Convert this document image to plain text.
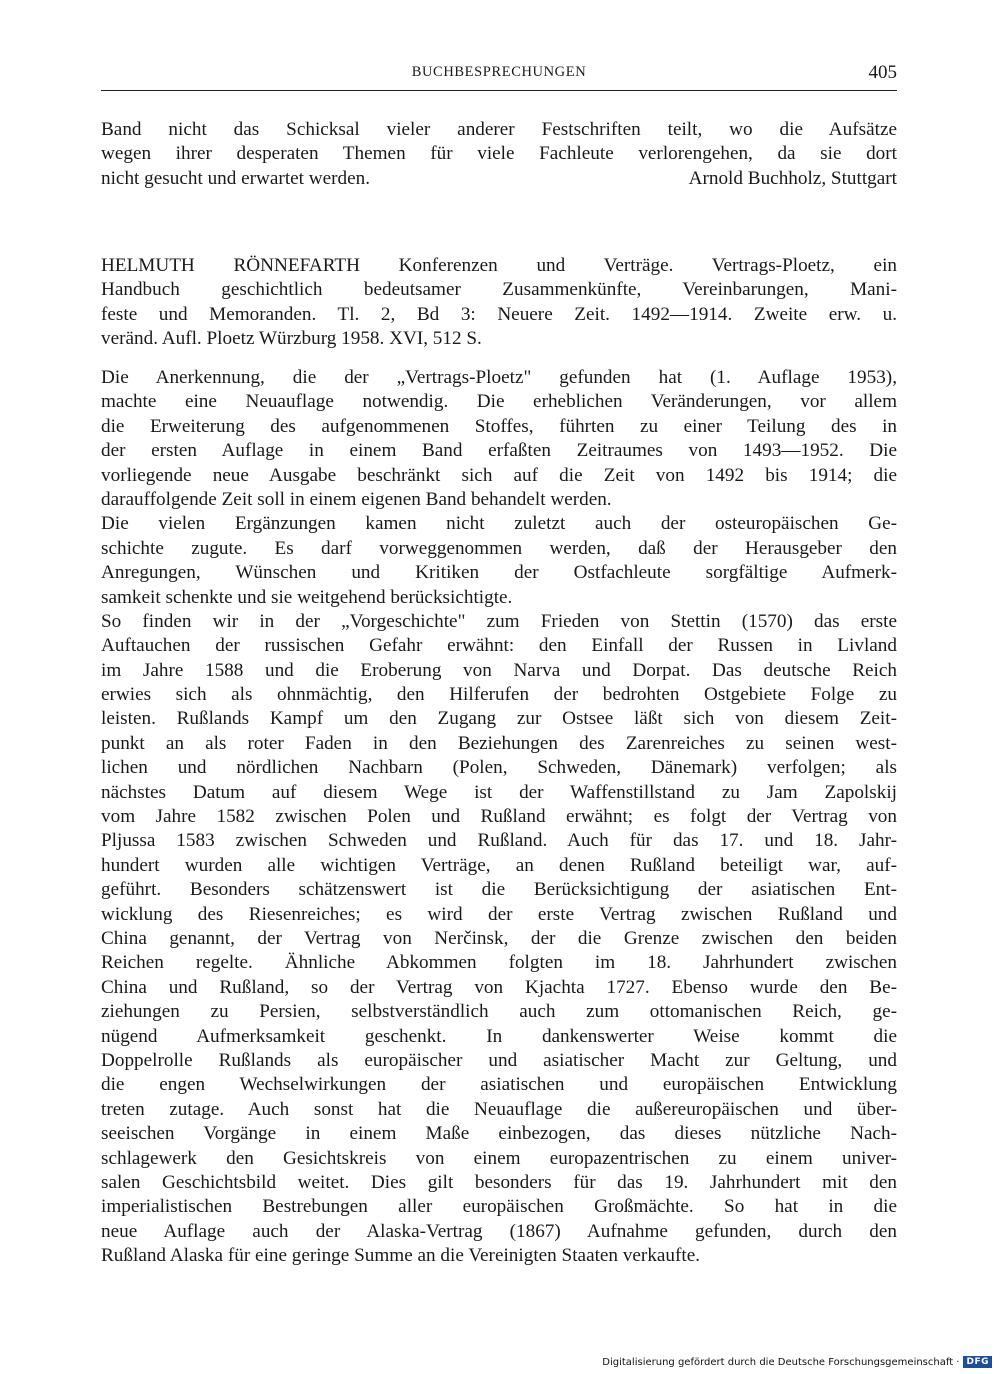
BUCHBESPRECHUNGEN	405
Band nicht das Schicksal vieler anderer Festschriften teilt, wo die Aufsätze
wegen ihrer desperaten Themen für viele Fachleute verlorengehen, da sie dort
nicht gesucht und erwartet werden.	Arnold Buchholz, Stuttgart
HELMUTH RÖNNEFARTH Konferenzen und Verträge. Vertrags-Ploetz, ein
Handbuch geschichtlich bedeutsamer Zusammenkünfte, Vereinbarungen, Mani-
feste und Memoranden. Tl. 2, Bd 3: Neuere Zeit. 1492—1914. Zweite erw. u.
veränd. Aufl. Ploetz Würzburg 1958. XVI, 512 S.
Die Anerkennung, die der „Vertrags-Ploetz" gefunden hat (1. Auflage 1953),
machte eine Neuauflage notwendig. Die erheblichen Veränderungen, vor allem
die Erweiterung des aufgenommenen Stoffes, führten zu einer Teilung des in
der ersten Auflage in einem Band erfaßten Zeitraumes von 1493—1952. Die
vorliegende neue Ausgabe beschränkt sich auf die Zeit von 1492 bis 1914; die
darauffolgende Zeit soll in einem eigenen Band behandelt werden.
Die vielen Ergänzungen kamen nicht zuletzt auch der osteuropäischen Ge-
schichte zugute. Es darf vorweggenommen werden, daß der Herausgeber den
Anregungen, Wünschen und Kritiken der Ostfachleute sorgfältige Aufmerk-
samkeit schenkte und sie weitgehend berücksichtigte.
So finden wir in der „Vorgeschichte" zum Frieden von Stettin (1570) das erste
Auftauchen der russischen Gefahr erwähnt: den Einfall der Russen in Livland
im Jahre 1588 und die Eroberung von Narva und Dorpat. Das deutsche Reich
erwies sich als ohnmächtig, den Hilferufen der bedrohten Ostgebiete Folge zu
leisten. Rußlands Kampf um den Zugang zur Ostsee läßt sich von diesem Zeit-
punkt an als roter Faden in den Beziehungen des Zarenreiches zu seinen west-
lichen und nördlichen Nachbarn (Polen, Schweden, Dänemark) verfolgen; als
nächstes Datum auf diesem Wege ist der Waffenstillstand zu Jam Zapolskij
vom Jahre 1582 zwischen Polen und Rußland erwähnt; es folgt der Vertrag von
Pljussa 1583 zwischen Schweden und Rußland. Auch für das 17. und 18. Jahr-
hundert wurden alle wichtigen Verträge, an denen Rußland beteiligt war, auf-
geführt. Besonders schätzenswert ist die Berücksichtigung der asiatischen Ent-
wicklung des Riesenreiches; es wird der erste Vertrag zwischen Rußland und
China genannt, der Vertrag von Nerčinsk, der die Grenze zwischen den beiden
Reichen regelte. Ähnliche Abkommen folgten im 18. Jahrhundert zwischen
China und Rußland, so der Vertrag von Kjachta 1727. Ebenso wurde den Be-
ziehungen zu Persien, selbstverständlich auch zum ottomanischen Reich, ge-
nügend Aufmerksamkeit geschenkt. In dankenswerter Weise kommt die
Doppelrolle Rußlands als europäischer und asiatischer Macht zur Geltung, und
die engen Wechselwirkungen der asiatischen und europäischen Entwicklung
treten zutage. Auch sonst hat die Neuauflage die außereuropäischen und über-
seeischen Vorgänge in einem Maße einbezogen, das dieses nützliche Nach-
schlagewerk den Gesichtskreis von einem europazentrischen zu einem univer-
salen Geschichtsbild weitet. Dies gilt besonders für das 19. Jahrhundert mit den
imperialistischen Bestrebungen aller europäischen Großmächte. So hat in die
neue Auflage auch der Alaska-Vertrag (1867) Aufnahme gefunden, durch den
Rußland Alaska für eine geringe Summe an die Vereinigten Staaten verkaufte.
Digitalisierung gefördert durch die Deutsche Forschungsgemeinschaft · DFG
